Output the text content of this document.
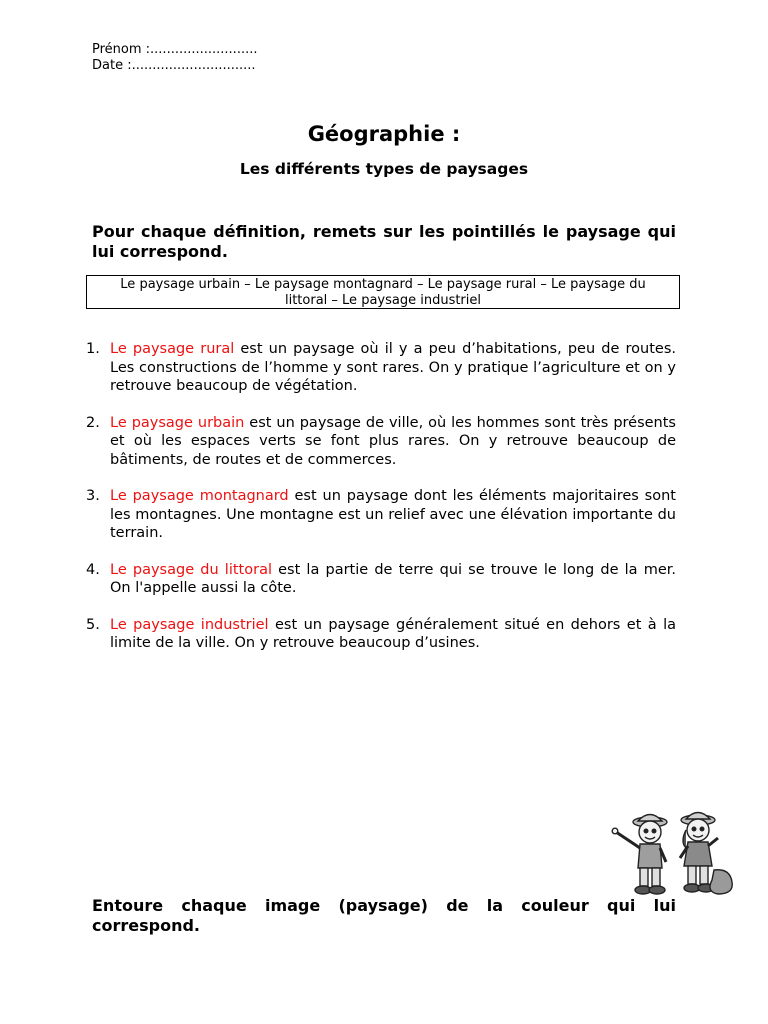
Prénom :..........................
Date :..............................
Géographie :
Les différents types de paysages
Pour chaque définition, remets sur les pointillés le paysage qui lui correspond.
Le paysage urbain – Le paysage montagnard – Le paysage rural – Le paysage du
littoral – Le paysage industriel
1. Le paysage rural est un paysage où il y a peu d’habitations, peu de routes. Les constructions de l’homme y sont rares. On y pratique l’agriculture et on y retrouve beaucoup de végétation.
2. Le paysage urbain est un paysage de ville, où les hommes sont très présents et où les espaces verts se font plus rares. On y retrouve beaucoup de bâtiments, de routes et de commerces.
3. Le paysage montagnard est un paysage dont les éléments majoritaires sont les montagnes. Une montagne est un relief avec une élévation importante du terrain.
4. Le paysage du littoral est la partie de terre qui se trouve le long de la mer. On l'appelle aussi la côte.
5. Le paysage industriel est un paysage généralement situé en dehors et à la limite de la ville. On y retrouve beaucoup d’usines.
Entoure chaque image (paysage) de la couleur qui lui correspond.
